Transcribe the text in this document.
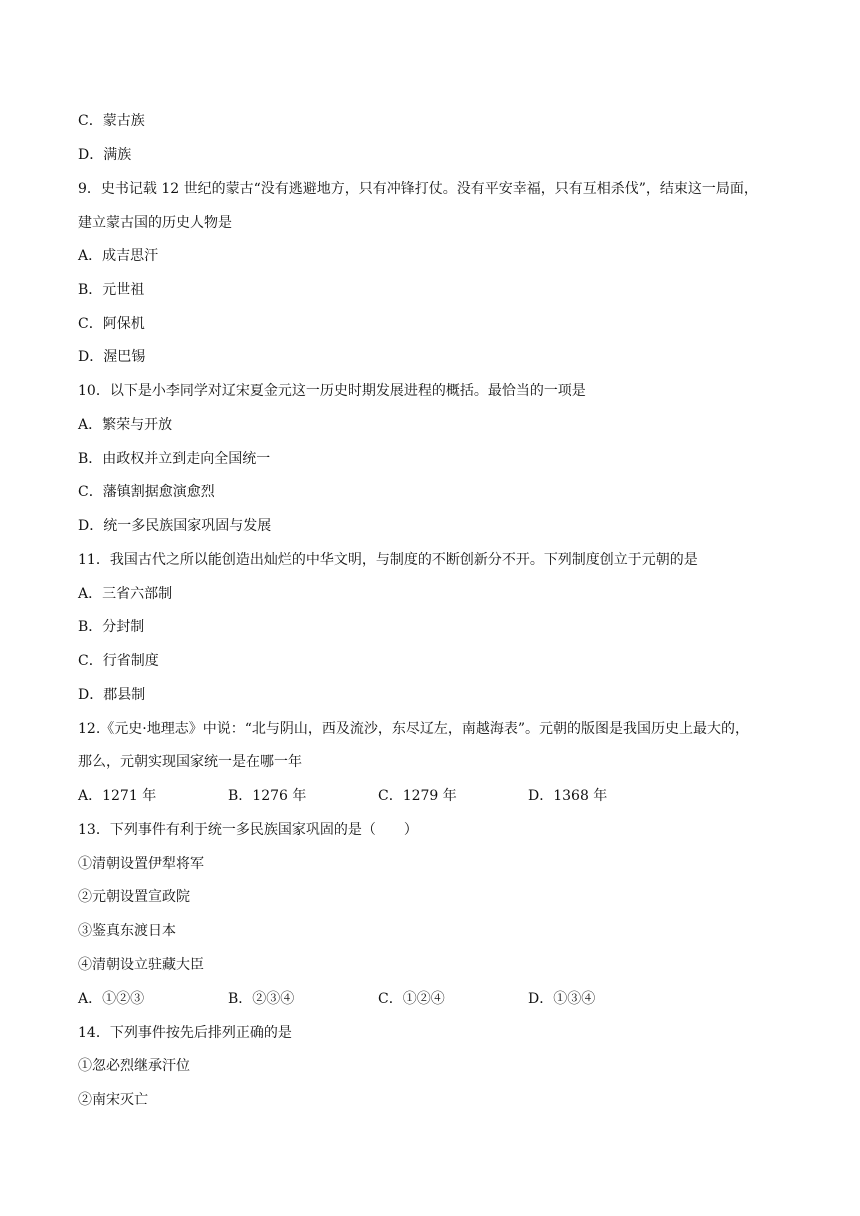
C．蒙古族
D．满族
9．史书记载 12 世纪的蒙古“没有逃避地方，只有冲锋打仗。没有平安幸福，只有互相杀伐”，结束这一局面，
建立蒙古国的历史人物是
A．成吉思汗
B．元世祖
C．阿保机
D．渥巴锡
10．以下是小李同学对辽宋夏金元这一历史时期发展进程的概括。最恰当的一项是
A．繁荣与开放
B．由政权并立到走向全国统一
C．藩镇割据愈演愈烈
D．统一多民族国家巩固与发展
11．我国古代之所以能创造出灿烂的中华文明，与制度的不断创新分不开。下列制度创立于元朝的是
A．三省六部制
B．分封制
C．行省制度
D．郡县制
12.《元史·地理志》中说：“北与阴山，西及流沙，东尽辽左，南越海表”。元朝的版图是我国历史上最大的，
那么，元朝实现国家统一是在哪一年
A．1271 年	B．1276 年	C．1279 年	D．1368 年
13．下列事件有利于统一多民族国家巩固的是（　　）
①清朝设置伊犁将军
②元朝设置宣政院
③鉴真东渡日本
④清朝设立驻藏大臣
A．①②③	B．②③④	C．①②④	D．①③④
14．下列事件按先后排列正确的是
①忽必烈继承汗位
②南宋灭亡
